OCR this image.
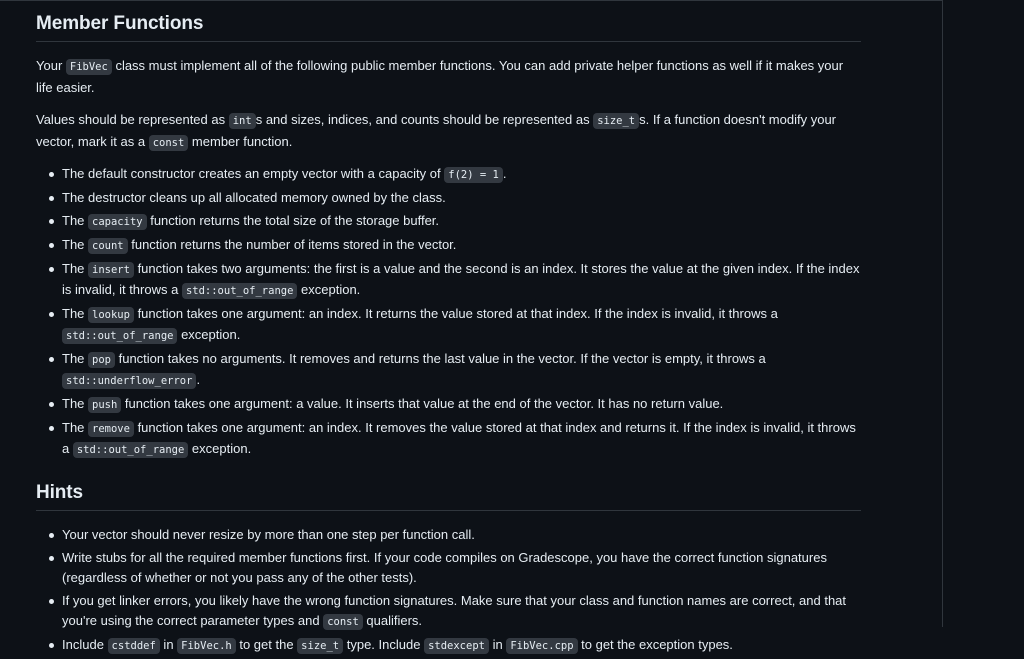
Member Functions

Your FibVec class must implement all of the following public member functions. You can add private helper functions as well if it makes your life easier.

Values should be represented as int s and sizes, indices, and counts should be represented as size_t s. If a function doesn't modify your vector, mark it as a const member function.

The default constructor creates an empty vector with a capacity of f(2) = 1 .
The destructor cleans up all allocated memory owned by the class.
The capacity function returns the total size of the storage buffer.
The count function returns the number of items stored in the vector.
The insert function takes two arguments: the first is a value and the second is an index. It stores the value at the given index. If the index is invalid, it throws a std::out_of_range exception.
The lookup function takes one argument: an index. It returns the value stored at that index. If the index is invalid, it throws a std::out_of_range exception.
The pop function takes no arguments. It removes and returns the last value in the vector. If the vector is empty, it throws a std::underflow_error .
The push function takes one argument: a value. It inserts that value at the end of the vector. It has no return value.
The remove function takes one argument: an index. It removes the value stored at that index and returns it. If the index is invalid, it throws a std::out_of_range exception.
Hints
Your vector should never resize by more than one step per function call.
Write stubs for all the required member functions first. If your code compiles on Gradescope, you have the correct function signatures (regardless of whether or not you pass any of the other tests).
If you get linker errors, you likely have the wrong function signatures. Make sure that your class and function names are correct, and that you're using the correct parameter types and const qualifiers.
Include cstddef in FibVec.h to get the size_t type. Include stdexcept in FibVec.cpp to get the exception types.
